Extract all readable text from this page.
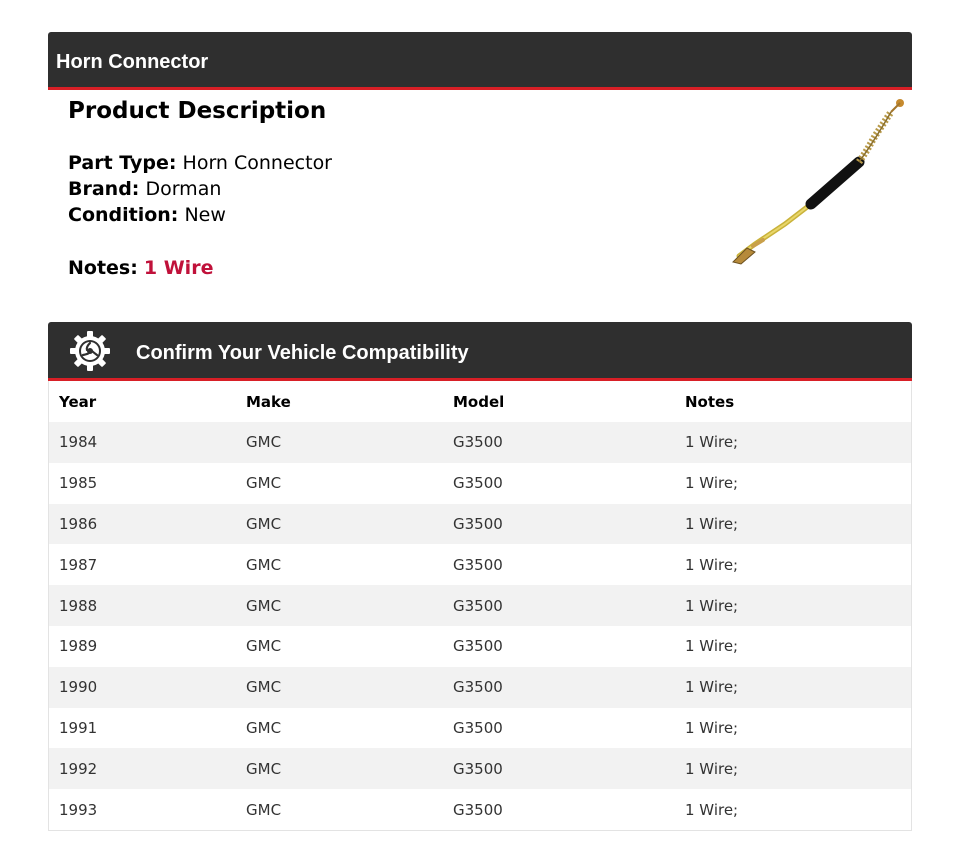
Horn Connector
Product Description
Part Type: Horn Connector
Brand: Dorman
Condition: New
Notes: 1 Wire
Confirm Your Vehicle Compatibility
Year	Make	Model	Notes
1984	GMC	G3500	1 Wire;
1985	GMC	G3500	1 Wire;
1986	GMC	G3500	1 Wire;
1987	GMC	G3500	1 Wire;
1988	GMC	G3500	1 Wire;
1989	GMC	G3500	1 Wire;
1990	GMC	G3500	1 Wire;
1991	GMC	G3500	1 Wire;
1992	GMC	G3500	1 Wire;
1993	GMC	G3500	1 Wire;
